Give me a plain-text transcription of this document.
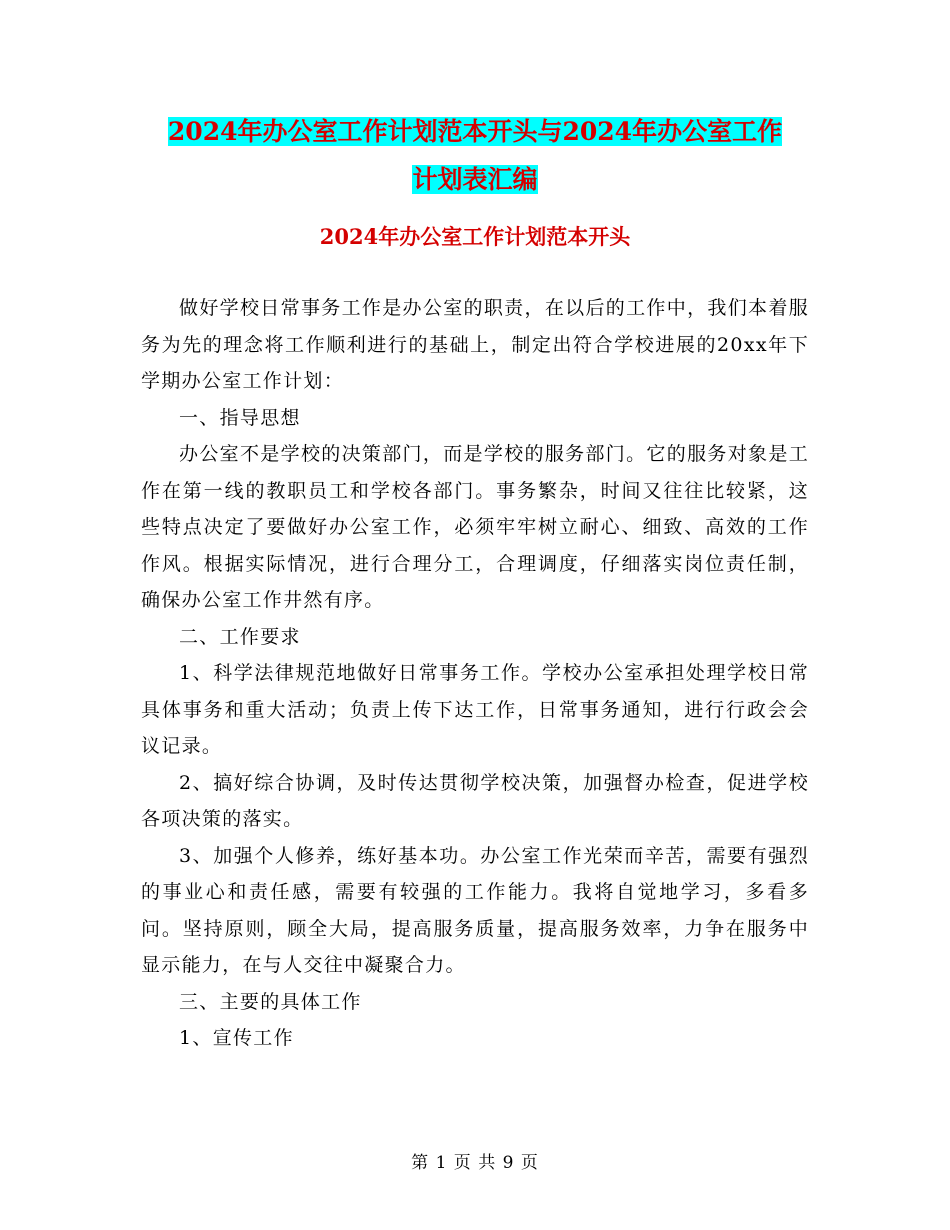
2024年办公室工作计划范本开头与2024年办公室工作
计划表汇编
2024年办公室工作计划范本开头

做好学校日常事务工作是办公室的职责，在以后的工作中，我们本着服务为先的理念将工作顺利进行的基础上，制定出符合学校进展的20xx年下学期办公室工作计划：

一、指导思想

办公室不是学校的决策部门，而是学校的服务部门。它的服务对象是工作在第一线的教职员工和学校各部门。事务繁杂，时间又往往比较紧，这些特点决定了要做好办公室工作，必须牢牢树立耐心、细致、高效的工作作风。根据实际情况，进行合理分工，合理调度，仔细落实岗位责任制，确保办公室工作井然有序。

二、工作要求

1、科学法律规范地做好日常事务工作。学校办公室承担处理学校日常具体事务和重大活动；负责上传下达工作，日常事务通知，进行行政会会议记录。

2、搞好综合协调，及时传达贯彻学校决策，加强督办检查，促进学校各项决策的落实。

3、加强个人修养，练好基本功。办公室工作光荣而辛苦，需要有强烈的事业心和责任感，需要有较强的工作能力。我将自觉地学习，多看多问。坚持原则，顾全大局，提高服务质量，提高服务效率，力争在服务中显示能力，在与人交往中凝聚合力。

三、主要的具体工作

1、宣传工作

第 1 页 共 9 页
